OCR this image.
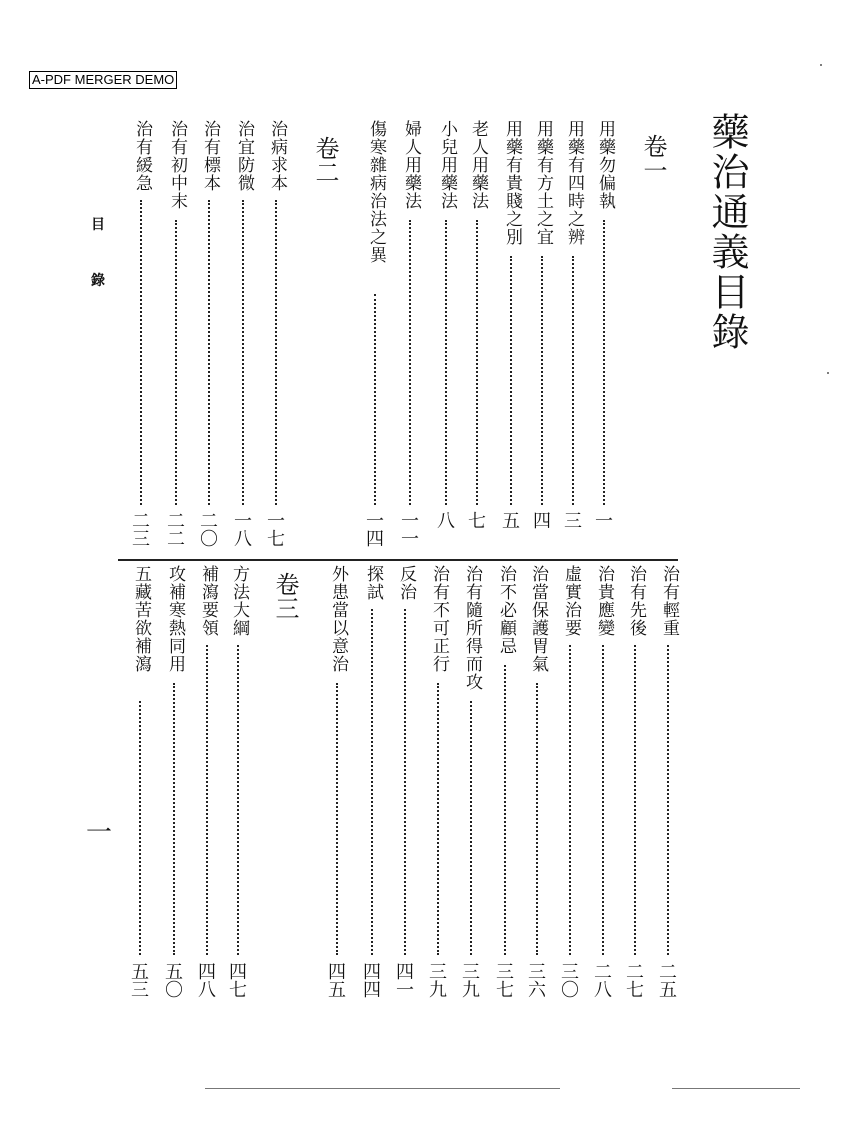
A-PDF MERGER DEMO
藥治通義目錄
卷一
卷二
卷三
目
錄
一
用藥勿偏執
一
用藥有四時之辨
三
用藥有方土之宜
四
用藥有貴賤之別
五
老人用藥法
七
小兒用藥法
八
婦人用藥法
一一
傷寒雜病治法之異
一四
治病求本
一七
治宜防微
一八
治有標本
二〇
治有初中末
二二
治有緩急
二三
治有輕重
二五
治有先後
二七
治貴應變
二八
虛實治要
三〇
治當保護胃氣
三六
治不必顧忌
三七
治有隨所得而攻
三九
治有不可正行
三九
反治
四一
探試
四四
外患當以意治
四五
方法大綱
四七
補瀉要領
四八
攻補寒熱同用
五〇
五藏苦欲補瀉
五三
